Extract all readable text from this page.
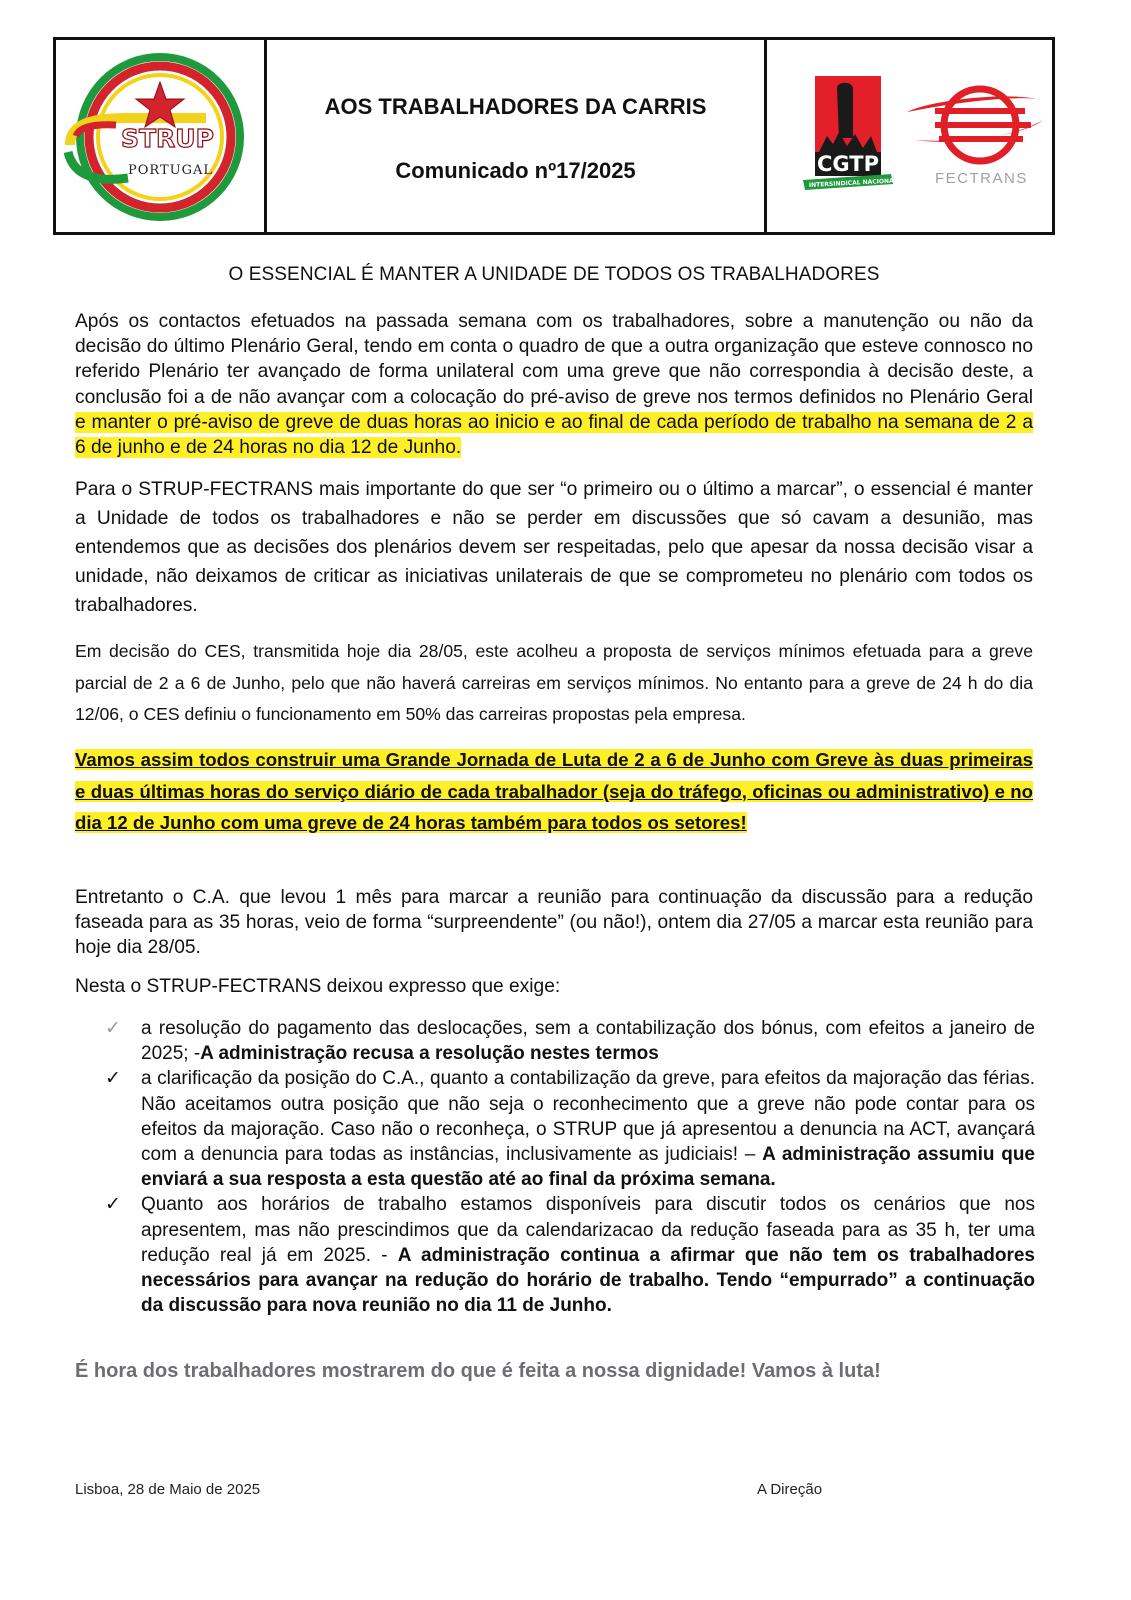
STRUP
PORTUGAL
AOS TRABALHADORES DA CARRIS
Comunicado nº17/2025	CGTP
INTERSINDICAL NACIONAL FECTRANS
O ESSENCIAL É MANTER A UNIDADE DE TODOS OS TRABALHADORES

Após os contactos efetuados na passada semana com os trabalhadores, sobre a manutenção ou não da decisão do último Plenário Geral, tendo em conta o quadro de que a outra organização que esteve connosco no referido Plenário ter avançado de forma unilateral com uma greve que não correspondia à decisão deste, a conclusão foi a de não avançar com a colocação do pré-aviso de greve nos termos definidos no Plenário Geral e manter o pré-aviso de greve de duas horas ao inicio e ao final de cada período de trabalho na semana de 2 a 6 de junho e de 24 horas no dia 12 de Junho.

Para o STRUP-FECTRANS mais importante do que ser “o primeiro ou o último a marcar”, o essencial é manter a Unidade de todos os trabalhadores e não se perder em discussões que só cavam a desunião, mas entendemos que as decisões dos plenários devem ser respeitadas, pelo que apesar da nossa decisão visar a unidade, não deixamos de criticar as iniciativas unilaterais de que se comprometeu no plenário com todos os trabalhadores.

Em decisão do CES, transmitida hoje dia 28/05, este acolheu a proposta de serviços mínimos efetuada para a greve parcial de 2 a 6 de Junho, pelo que não haverá carreiras em serviços mínimos. No entanto para a greve de 24 h do dia 12/06, o CES definiu o funcionamento em 50% das carreiras propostas pela empresa.

Vamos assim todos construir uma Grande Jornada de Luta de 2 a 6 de Junho com Greve às duas primeiras e duas últimas horas do serviço diário de cada trabalhador (seja do tráfego, oficinas ou administrativo) e no dia 12 de Junho com uma greve de 24 horas também para todos os setores!

Entretanto o C.A. que levou 1 mês para marcar a reunião para continuação da discussão para a redução faseada para as 35 horas, veio de forma “surpreendente” (ou não!), ontem dia 27/05 a marcar esta reunião para hoje dia 28/05.

Nesta o STRUP-FECTRANS deixou expresso que exige:

✓ a resolução do pagamento das deslocações, sem a contabilização dos bónus, com efeitos a janeiro de 2025; -A administração recusa a resolução nestes termos
✓ a clarificação da posição do C.A., quanto a contabilização da greve, para efeitos da majoração das férias. Não aceitamos outra posição que não seja o reconhecimento que a greve não pode contar para os efeitos da majoração. Caso não o reconheça, o STRUP que já apresentou a denuncia na ACT, avançará com a denuncia para todas as instâncias, inclusivamente as judiciais! – A administração assumiu que enviará a sua resposta a esta questão até ao final da próxima semana.
✓ Quanto aos horários de trabalho estamos disponíveis para discutir todos os cenários que nos apresentem, mas não prescindimos que da calendarizacao da redução faseada para as 35 h, ter uma redução real já em 2025. - A administração continua a afirmar que não tem os trabalhadores necessários para avançar na redução do horário de trabalho. Tendo “empurrado” a continuação da discussão para nova reunião no dia 11 de Junho.
É hora dos trabalhadores mostrarem do que é feita a nossa dignidade! Vamos à luta!
Lisboa, 28 de Maio de 2025	A Direção
